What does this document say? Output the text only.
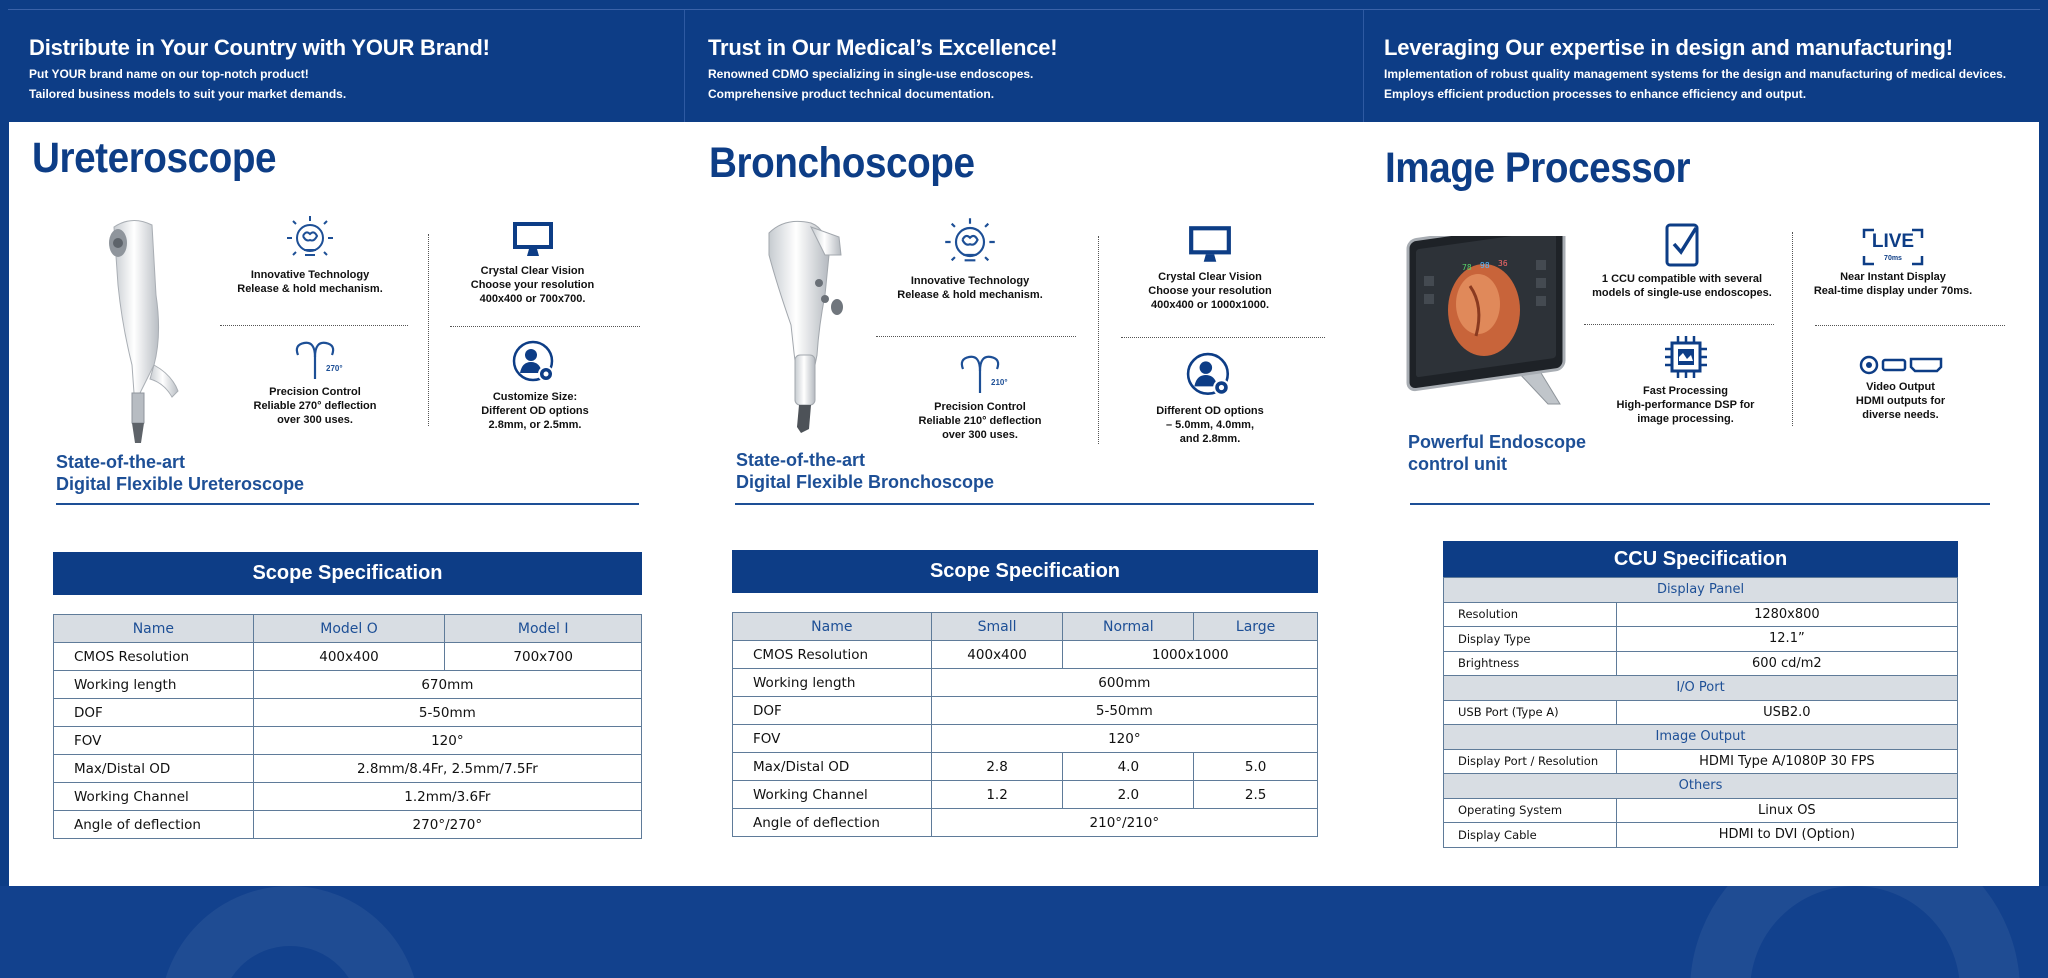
Distribute in Your Country with YOUR Brand!

Put YOUR brand name on our top-notch product!

Tailored business models to suit your market demands.

Trust in Our Medical’s Excellence!

Renowned CDMO specializing in single-use endoscopes.

Comprehensive product technical documentation.

Leveraging Our expertise in design and manufacturing!

Implementation of robust quality management systems for the design and manufacturing of medical devices.

Employs efficient production processes to enhance efficiency and output.

Ureteroscope
Innovative Technology
Release & hold mechanism.
Crystal Clear Vision
Choose your resolution
400x400 or 700x700.
270°
Precision Control
Reliable 270° deflection
over 300 uses.
Customize Size:
Different OD options
2.8mm, or 2.5mm.
State-of-the-art
Digital Flexible Ureteroscope
Scope Specification
Name	Model O	Model I
CMOS Resolution	400x400	700x700
Working length	670mm	
DOF	5-50mm	
FOV	120°	
Max/Distal OD	2.8mm/8.4Fr, 2.5mm/7.5Fr	
Working Channel	1.2mm/3.6Fr	
Angle of deflection	270°/270°	
Bronchoscope
Innovative Technology
Release & hold mechanism.
Crystal Clear Vision
Choose your resolution
400x400 or 1000x1000.
210°
Precision Control
Reliable 210° deflection
over 300 uses.
Different OD options
– 5.0mm, 4.0mm,
and 2.8mm.
State-of-the-art
Digital Flexible Bronchoscope
Scope Specification
Name	Small	Normal	Large
CMOS Resolution	400x400	1000x1000	
Working length	600mm		
DOF	5-50mm		
FOV	120°		
Max/Distal OD	2.8	4.0	5.0
Working Channel	1.2	2.0	2.5
Angle of deflection	210°/210°		
Image Processor
78 98 36
1 CCU compatible with several
models of single-use endoscopes.
LIVE
70ms
Near Instant Display
Real-time display under 70ms.
Fast Processing
High-performance DSP for
image processing.
Video Output
HDMI outputs for
diverse needs.
Powerful Endoscope
control unit
CCU Specification
Display Panel	
Resolution	1280x800
Display Type	12.1”
Brightness	600 cd/m2
I/O Port	
USB Port (Type A)	USB2.0
Image Output	
Display Port / Resolution	HDMI Type A/1080P 30 FPS
Others	
Operating System	Linux OS
Display Cable	HDMI to DVI (Option)
